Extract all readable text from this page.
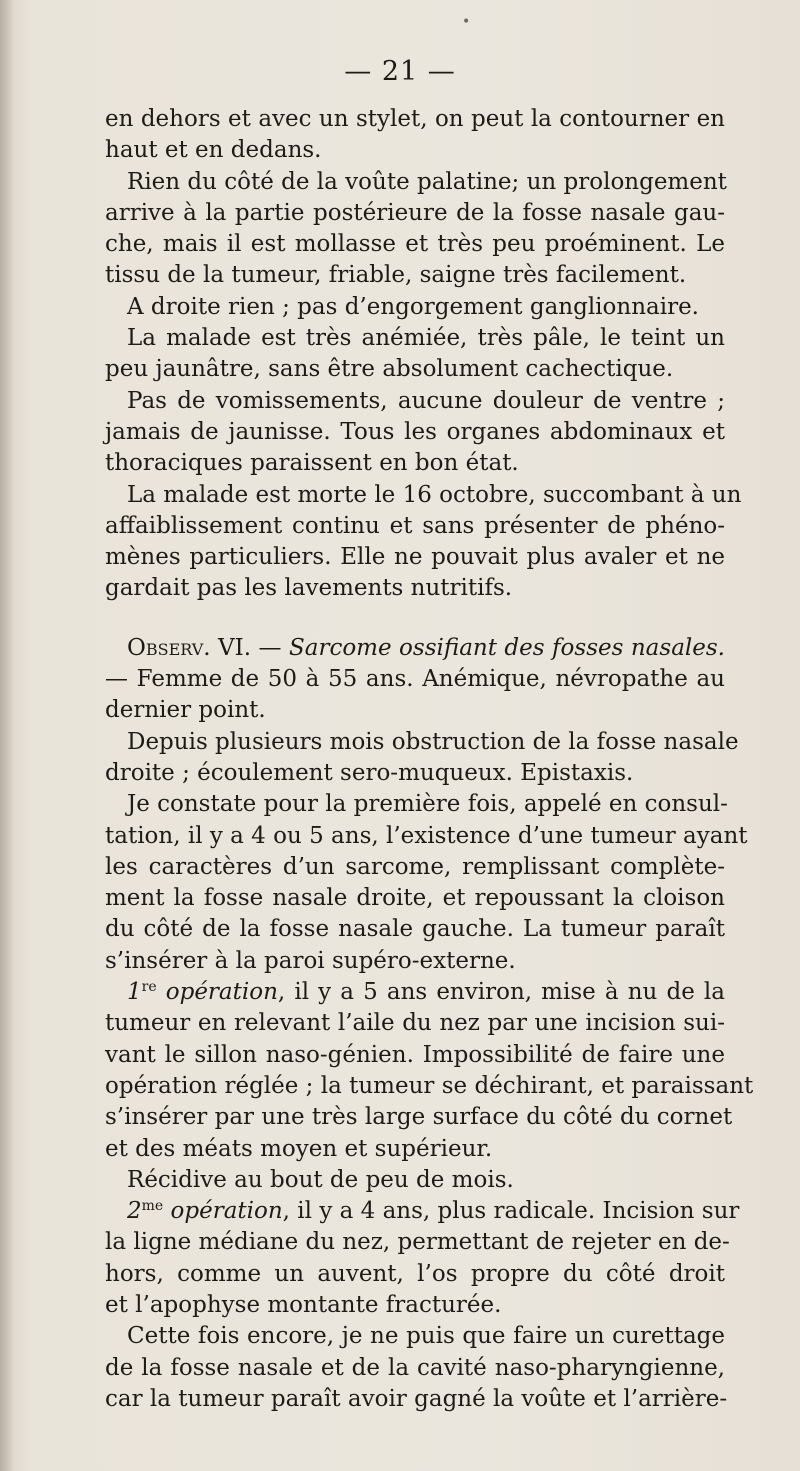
•
— 21 —
en dehors et avec un stylet, on peut la contourner en
haut et en dedans.
Rien du côté de la voûte palatine; un prolongement
arrive à la partie postérieure de la fosse nasale gau-
che, mais il est mollasse et très peu proéminent. Le
tissu de la tumeur, friable, saigne très facilement.
A droite rien ; pas d’engorgement ganglionnaire.
La malade est très anémiée, très pâle, le teint un
peu jaunâtre, sans être absolument cachectique.
Pas de vomissements, aucune douleur de ventre ;
jamais de jaunisse. Tous les organes abdominaux et
thoraciques paraissent en bon état.
La malade est morte le 16 octobre, succombant à un
affaiblissement continu et sans présenter de phéno-
mènes particuliers. Elle ne pouvait plus avaler et ne
gardait pas les lavements nutritifs.
Observ. VI. — Sarcome ossifiant des fosses nasales.
— Femme de 50 à 55 ans. Anémique, névropathe au
dernier point.
Depuis plusieurs mois obstruction de la fosse nasale
droite ; écoulement sero-muqueux. Epistaxis.
Je constate pour la première fois, appelé en consul-
tation, il y a 4 ou 5 ans, l’existence d’une tumeur ayant
les caractères d’un sarcome, remplissant complète-
ment la fosse nasale droite, et repoussant la cloison
du côté de la fosse nasale gauche. La tumeur paraît
s’insérer à la paroi supéro-externe.
1re opération, il y a 5 ans environ, mise à nu de la
tumeur en relevant l’aile du nez par une incision sui-
vant le sillon naso-génien. Impossibilité de faire une
opération réglée ; la tumeur se déchirant, et paraissant
s’insérer par une très large surface du côté du cornet
et des méats moyen et supérieur.
Récidive au bout de peu de mois.
$2^{me}$ opération, il y a 4 ans, plus radicale. Incision sur
la ligne médiane du nez, permettant de rejeter en de-
hors, comme un auvent, l’os propre du côté droit
et l’apophyse montante fracturée.
Cette fois encore, je ne puis que faire un curettage
de la fosse nasale et de la cavité naso-pharyngienne,
car la tumeur paraît avoir gagné la voûte et l’arrière-
